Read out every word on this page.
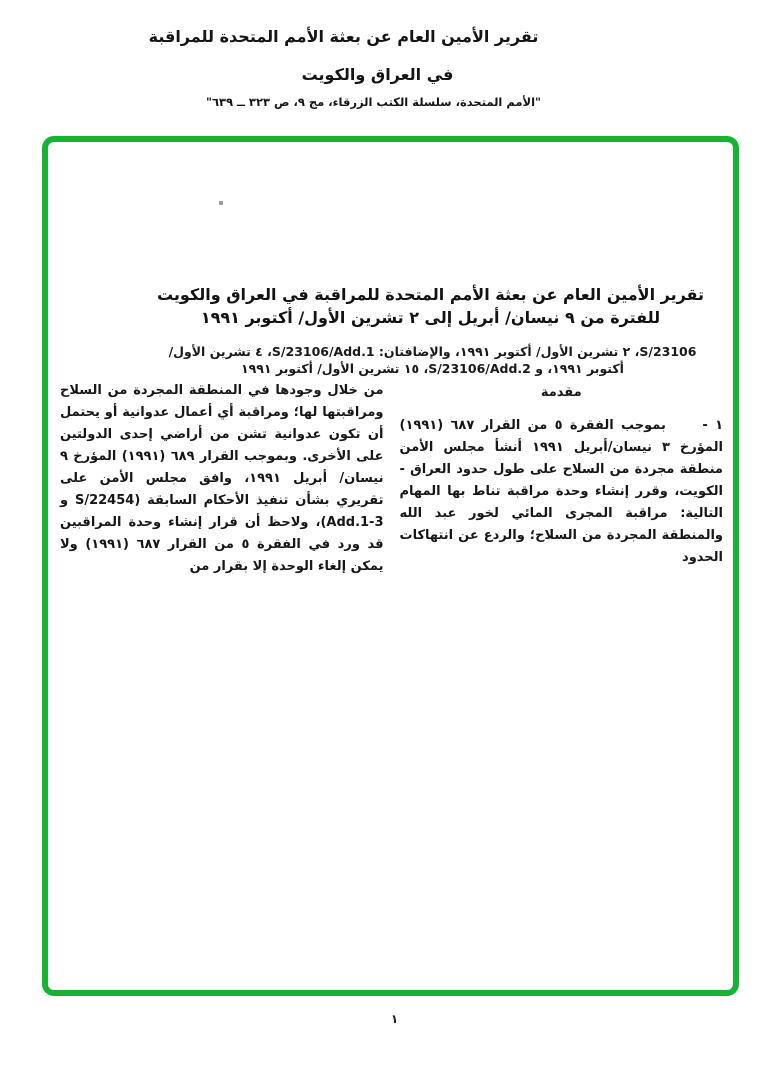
تقرير الأمين العام عن بعثة الأمم المتحدة للمراقبة
في العراق والكويت
"الأمم المتحدة، سلسلة الكتب الزرقاء، مج ٩، ص ٣٢٣ ــ ٦٣٩"
تقرير الأمين العام عن بعثة الأمم المتحدة للمراقبة في العراق والكويت
للفترة من ٩ نيسان/ أبريل إلى ٢ تشرين الأول/ أكتوبر ١٩٩١
S/23106، ٢ تشرين الأول/ أكتوبر ١٩٩١، والإضافتان: S/23106/Add.1، ٤ تشرين الأول/
أكتوبر ١٩٩١، و S/23106/Add.2، ١٥ تشرين الأول/ أكتوبر ١٩٩١
مقدمة

١ -     بموجب الفقرة ٥ من القرار ٦٨٧ (١٩٩١) المؤرخ ٣ نيسان/أبريل ١٩٩١ أنشأ مجلس الأمن منطقة مجردة من السلاح على طول حدود العراق - الكويت، وقرر إنشاء وحدة مراقبة تناط بها المهام التالية: مراقبة المجرى المائي لخور عبد الله والمنطقة المجردة من السلاح؛ والردع عن انتهاكات الحدود

من خلال وجودها في المنطقة المجردة من السلاح ومراقبتها لها؛ ومراقبة أي أعمال عدوانية أو يحتمل أن تكون عدوانية تشن من أراضي إحدى الدولتين على الأخرى. وبموجب القرار ٦٨٩ (١٩٩١) المؤرخ ٩ نيسان/ أبريل ١٩٩١، وافق مجلس الأمن على تقريري بشأن تنفيذ الأحكام السابقة (S/22454 و Add.1-3)، ولاحظ أن قرار إنشاء وحدة المراقبين قد ورد في الفقرة ٥ من القرار ٦٨٧ (١٩٩١) ولا يمكن إلغاء الوحدة إلا بقرار من

١
